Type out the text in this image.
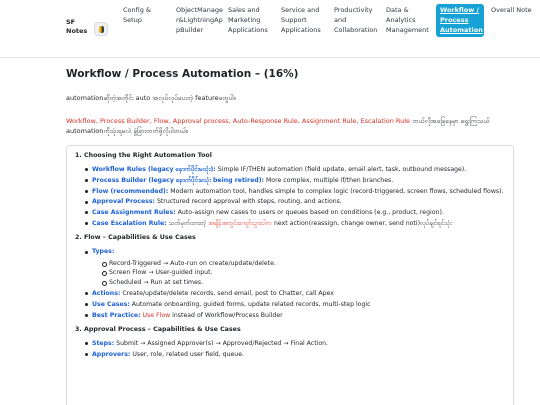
SF
Notes
Config & Setup
ObjectManager&LightningAppBuilder
Sales and Marketing Applications
Service and Support Applications
Productivity and Collaboration
Data & Analytics Management
Workflow / Process Automation
Overall Note
Workflow / Process Automation – (16%)
automationဆိုတဲ့အတိုင်း auto အလုပ်လုပ်ပေးတဲ့ featureတွေပါ။
Workflow, Process Builder, Flow, Approval process, Auto-Response Rule, Assignment Rule, Escalation Rule ဘယ်လိုအခြေနေမှာ ရွေးကြသယ် automationကိုသုံးရမလဲ ခွဲခြားတတ်ဖို့လိုပါတယ်။
1. Choosing the Right Automation Tool
Workflow Rules (legacy နောက်ပိုင်းမသုံး): Simple IF/THEN automation (field update, email alert, task, outbound message).
Process Builder (legacy နောက်ပိုင်းမသုံး being retired): More complex, multiple if/then branches.
Flow (recommended): Modern automation tool, handles simple to complex logic (record-triggered, screen flows, scheduled flows).
Approval Process: Structured record approval with steps, routing, and actions.
Case Assignment Rules: Auto-assign new cases to users or queues based on conditions (e.g., product, region).
Case Escalation Rule: သတ်မှတ်ထားတဲ့ အချိန်အတွင်းကျော်သွားပါက next action(reassign, change owner, send noti)လုပ်ချင်ရင်သုံး
2. Flow – Capabilities & Use Cases
Types:
Record-Triggered → Auto-run on create/update/delete.
Screen Flow → User-guided input.
Scheduled → Run at set times.
Actions: Create/update/delete records, send email, post to Chatter, call Apex
Use Cases: Automate onboarding, guided forms, update related records, multi-step logic
Best Practice: Use Flow instead of Workflow/Process Builder
3. Approval Process – Capabilities & Use Cases
Steps: Submit → Assigned Approver(s) → Approved/Rejected → Final Action.
Approvers: User, role, related user field, queue.
